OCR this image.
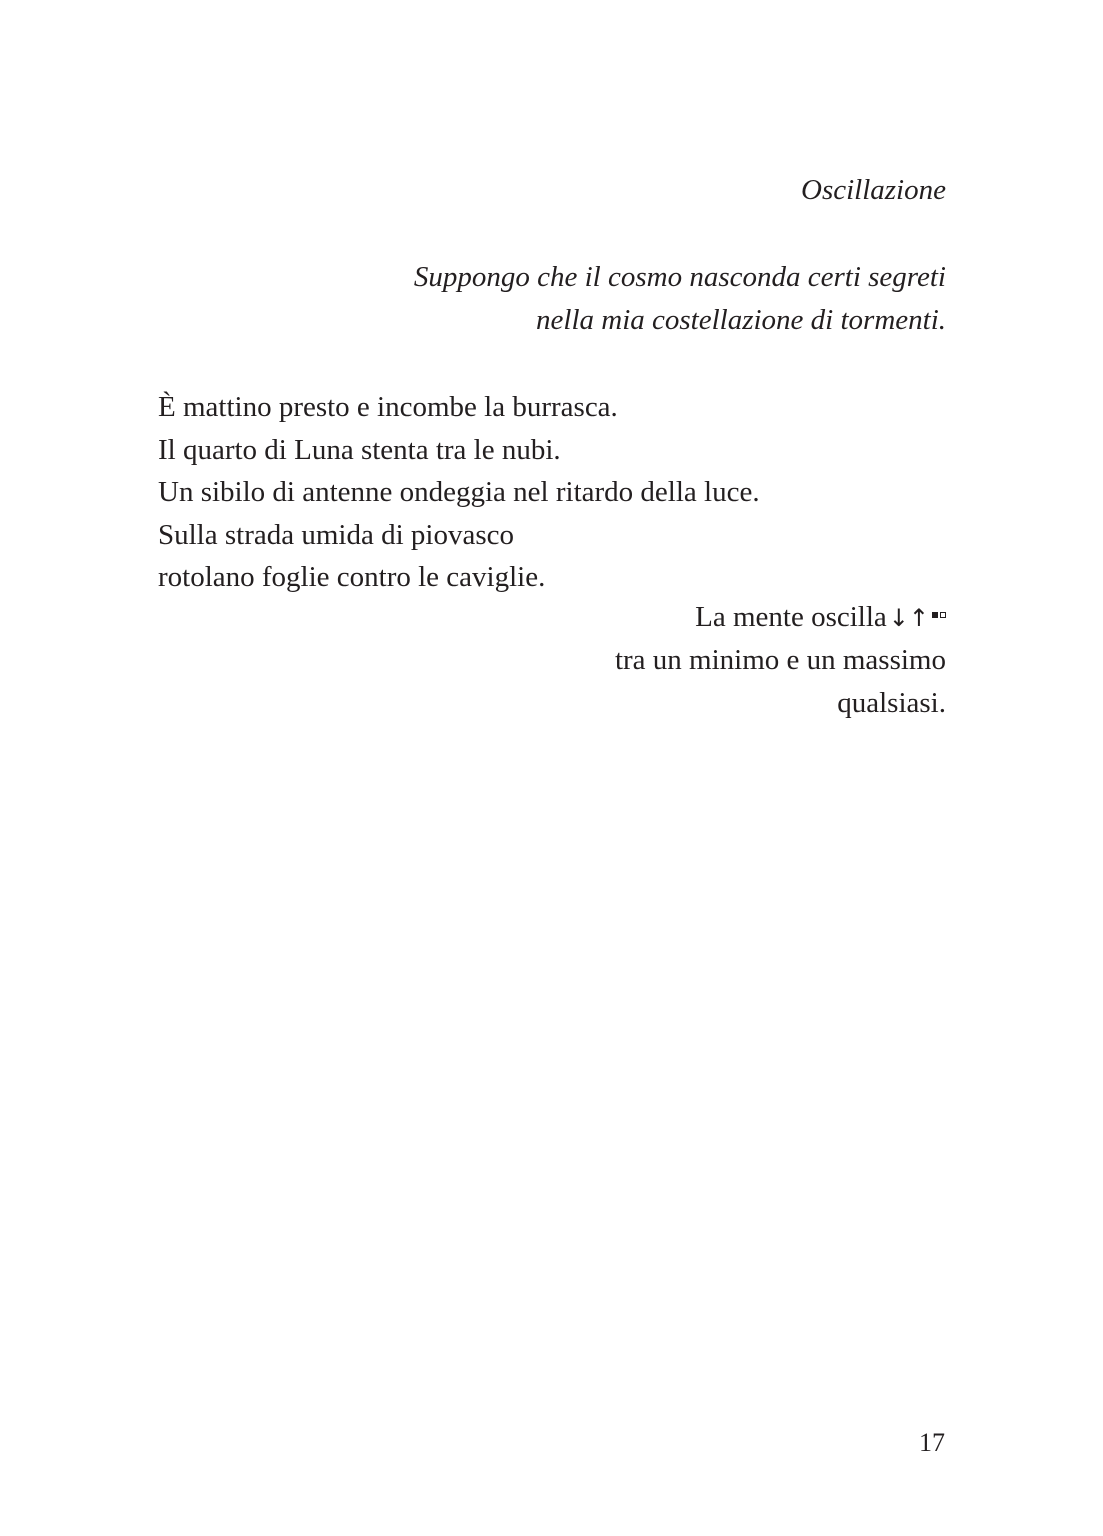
Oscillazione
Suppongo che il cosmo nasconda certi segreti
nella mia costellazione di tormenti.
È mattino presto e incombe la burrasca.
Il quarto di Luna stenta tra le nubi.
Un sibilo di antenne ondeggia nel ritardo della luce.
Sulla strada umida di piovasco
rotolano foglie contro le caviglie.
La mente oscilla ↓ ↑
tra un minimo e un massimo
qualsiasi.
17
